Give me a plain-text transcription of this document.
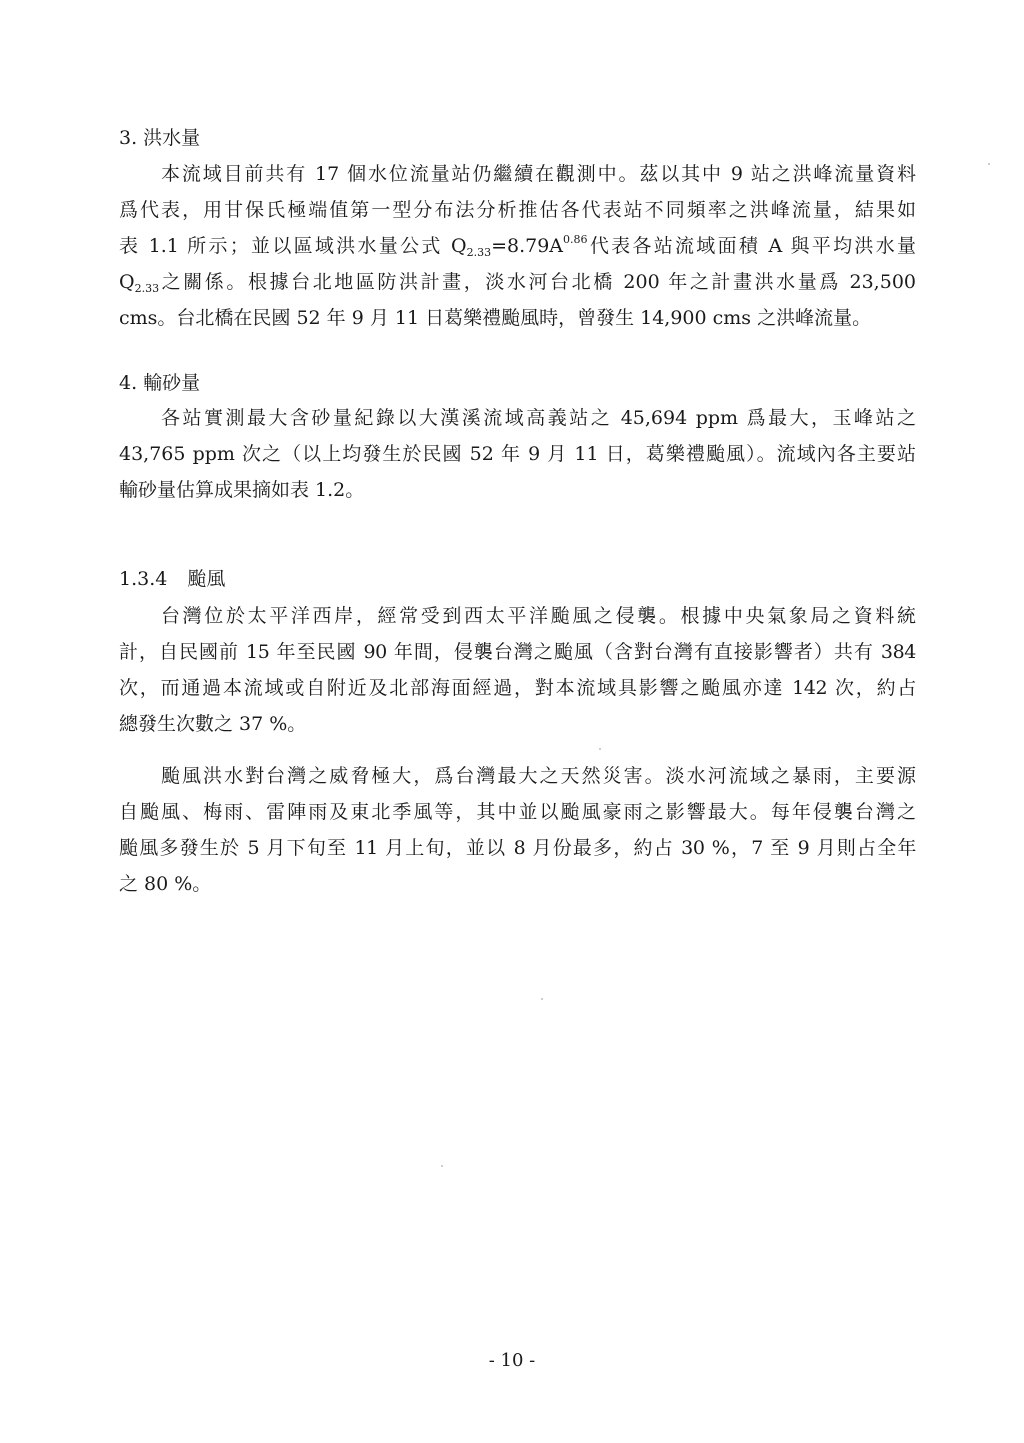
3. 洪水量
本流域目前共有 17 個水位流量站仍繼續在觀測中。茲以其中 9 站之洪峰流量資料
爲代表，用甘保氏極端值第一型分布法分析推估各代表站不同頻率之洪峰流量，結果如
表 1.1 所示；並以區域洪水量公式 $Q_{2.33}=8.79A^{0.86}$代表各站流域面積 A 與平均洪水量
$Q_{2.33}$之關係。根據台北地區防洪計畫，淡水河台北橋 200 年之計畫洪水量爲 23,500
cms。台北橋在民國 52 年 9 月 11 日葛樂禮颱風時，曾發生 14,900 cms 之洪峰流量。
4. 輸砂量
各站實測最大含砂量紀錄以大漢溪流域高義站之 45,694 ppm 爲最大，玉峰站之
43,765 ppm 次之（以上均發生於民國 52 年 9 月 11 日，葛樂禮颱風）。流域內各主要站
輸砂量估算成果摘如表 1.2。
1.3.4 颱風
台灣位於太平洋西岸，經常受到西太平洋颱風之侵襲。根據中央氣象局之資料統
計，自民國前 15 年至民國 90 年間，侵襲台灣之颱風（含對台灣有直接影響者）共有 384
次，而通過本流域或自附近及北部海面經過，對本流域具影響之颱風亦達 142 次，約占
總發生次數之 37 %。
颱風洪水對台灣之威脅極大，爲台灣最大之天然災害。淡水河流域之暴雨，主要源
自颱風、梅雨、雷陣雨及東北季風等，其中並以颱風豪雨之影響最大。每年侵襲台灣之
颱風多發生於 5 月下旬至 11 月上旬，並以 8 月份最多，約占 30 %，7 至 9 月則占全年
之 80 %。
- 10 -
